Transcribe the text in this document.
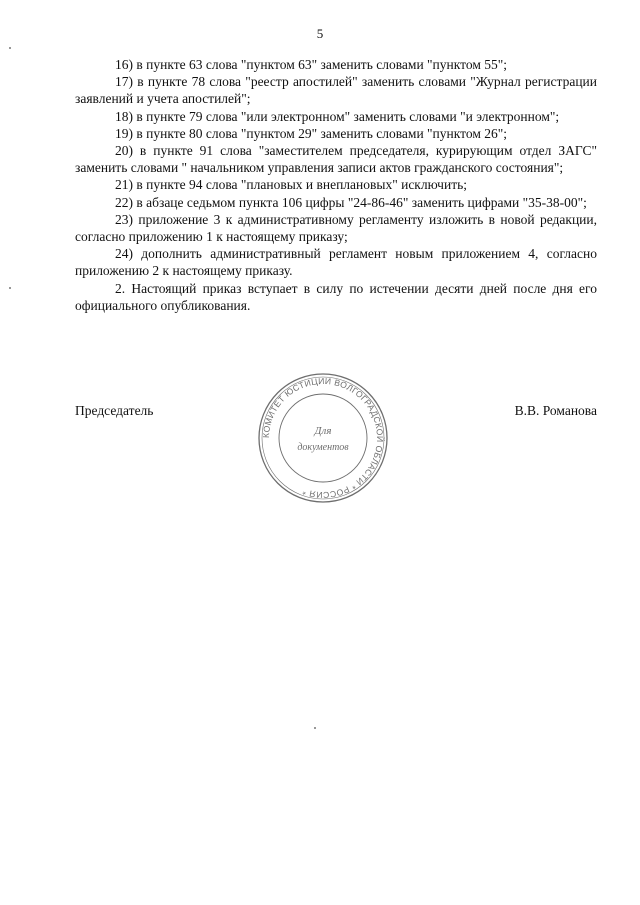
5

16) в пункте 63 слова "пунктом 63" заменить словами "пунктом 55";

17) в пункте 78 слова "реестр апостилей" заменить словами "Журнал регистрации заявлений и учета апостилей";

18) в пункте 79 слова "или электронном" заменить словами "и электронном";

19) в пункте 80 слова "пунктом 29" заменить словами "пунктом 26";

20) в пункте 91 слова "заместителем председателя, курирующим отдел ЗАГС" заменить словами " начальником управления записи актов гражданского состояния";

21) в пункте 94 слова "плановых и внеплановых" исключить;

22) в абзаце седьмом пункта 106 цифры "24-86-46" заменить цифрами "35-38-00";

23) приложение 3 к административному регламенту изложить в новой редакции, согласно приложению 1 к настоящему приказу;

24) дополнить административный регламент новым приложением 4, согласно приложению 2 к настоящему приказу.

2. Настоящий приказ вступает в силу по истечении десяти дней после дня его официального опубликования.

Председатель	В.В. Романова
КОМИТЕТ ЮСТИЦИИ ВОЛГОГРАДСКОЙ ОБЛАСТИ * РОССИЯ *
Для
документов
